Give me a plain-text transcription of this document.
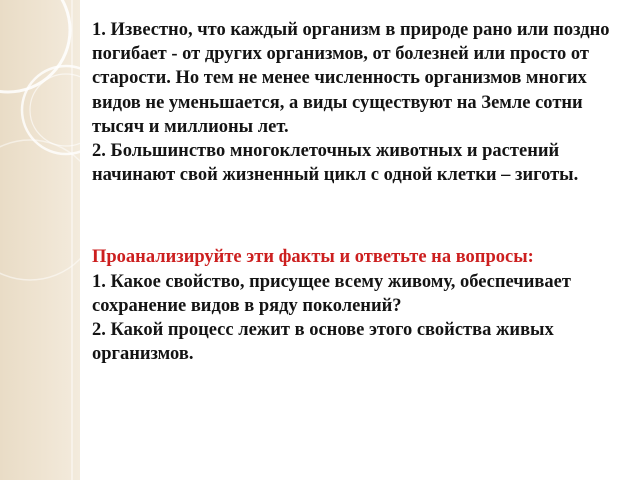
1. Известно, что каждый организм в природе рано или поздно погибает - от других организмов, от болезней или просто от старости. Но тем не менее численность организмов многих видов не уменьшается, а виды существуют на Земле сотни тысяч и миллионы лет.

2. Большинство многоклеточных животных и растений начинают свой жизненный цикл с одной клетки – зиготы.

Проанализируйте эти факты и ответьте на вопросы:

1. Какое свойство, присущее всему живому, обеспечивает сохранение видов в ряду поколений?

2. Какой процесс лежит в основе этого свойства живых организмов.
